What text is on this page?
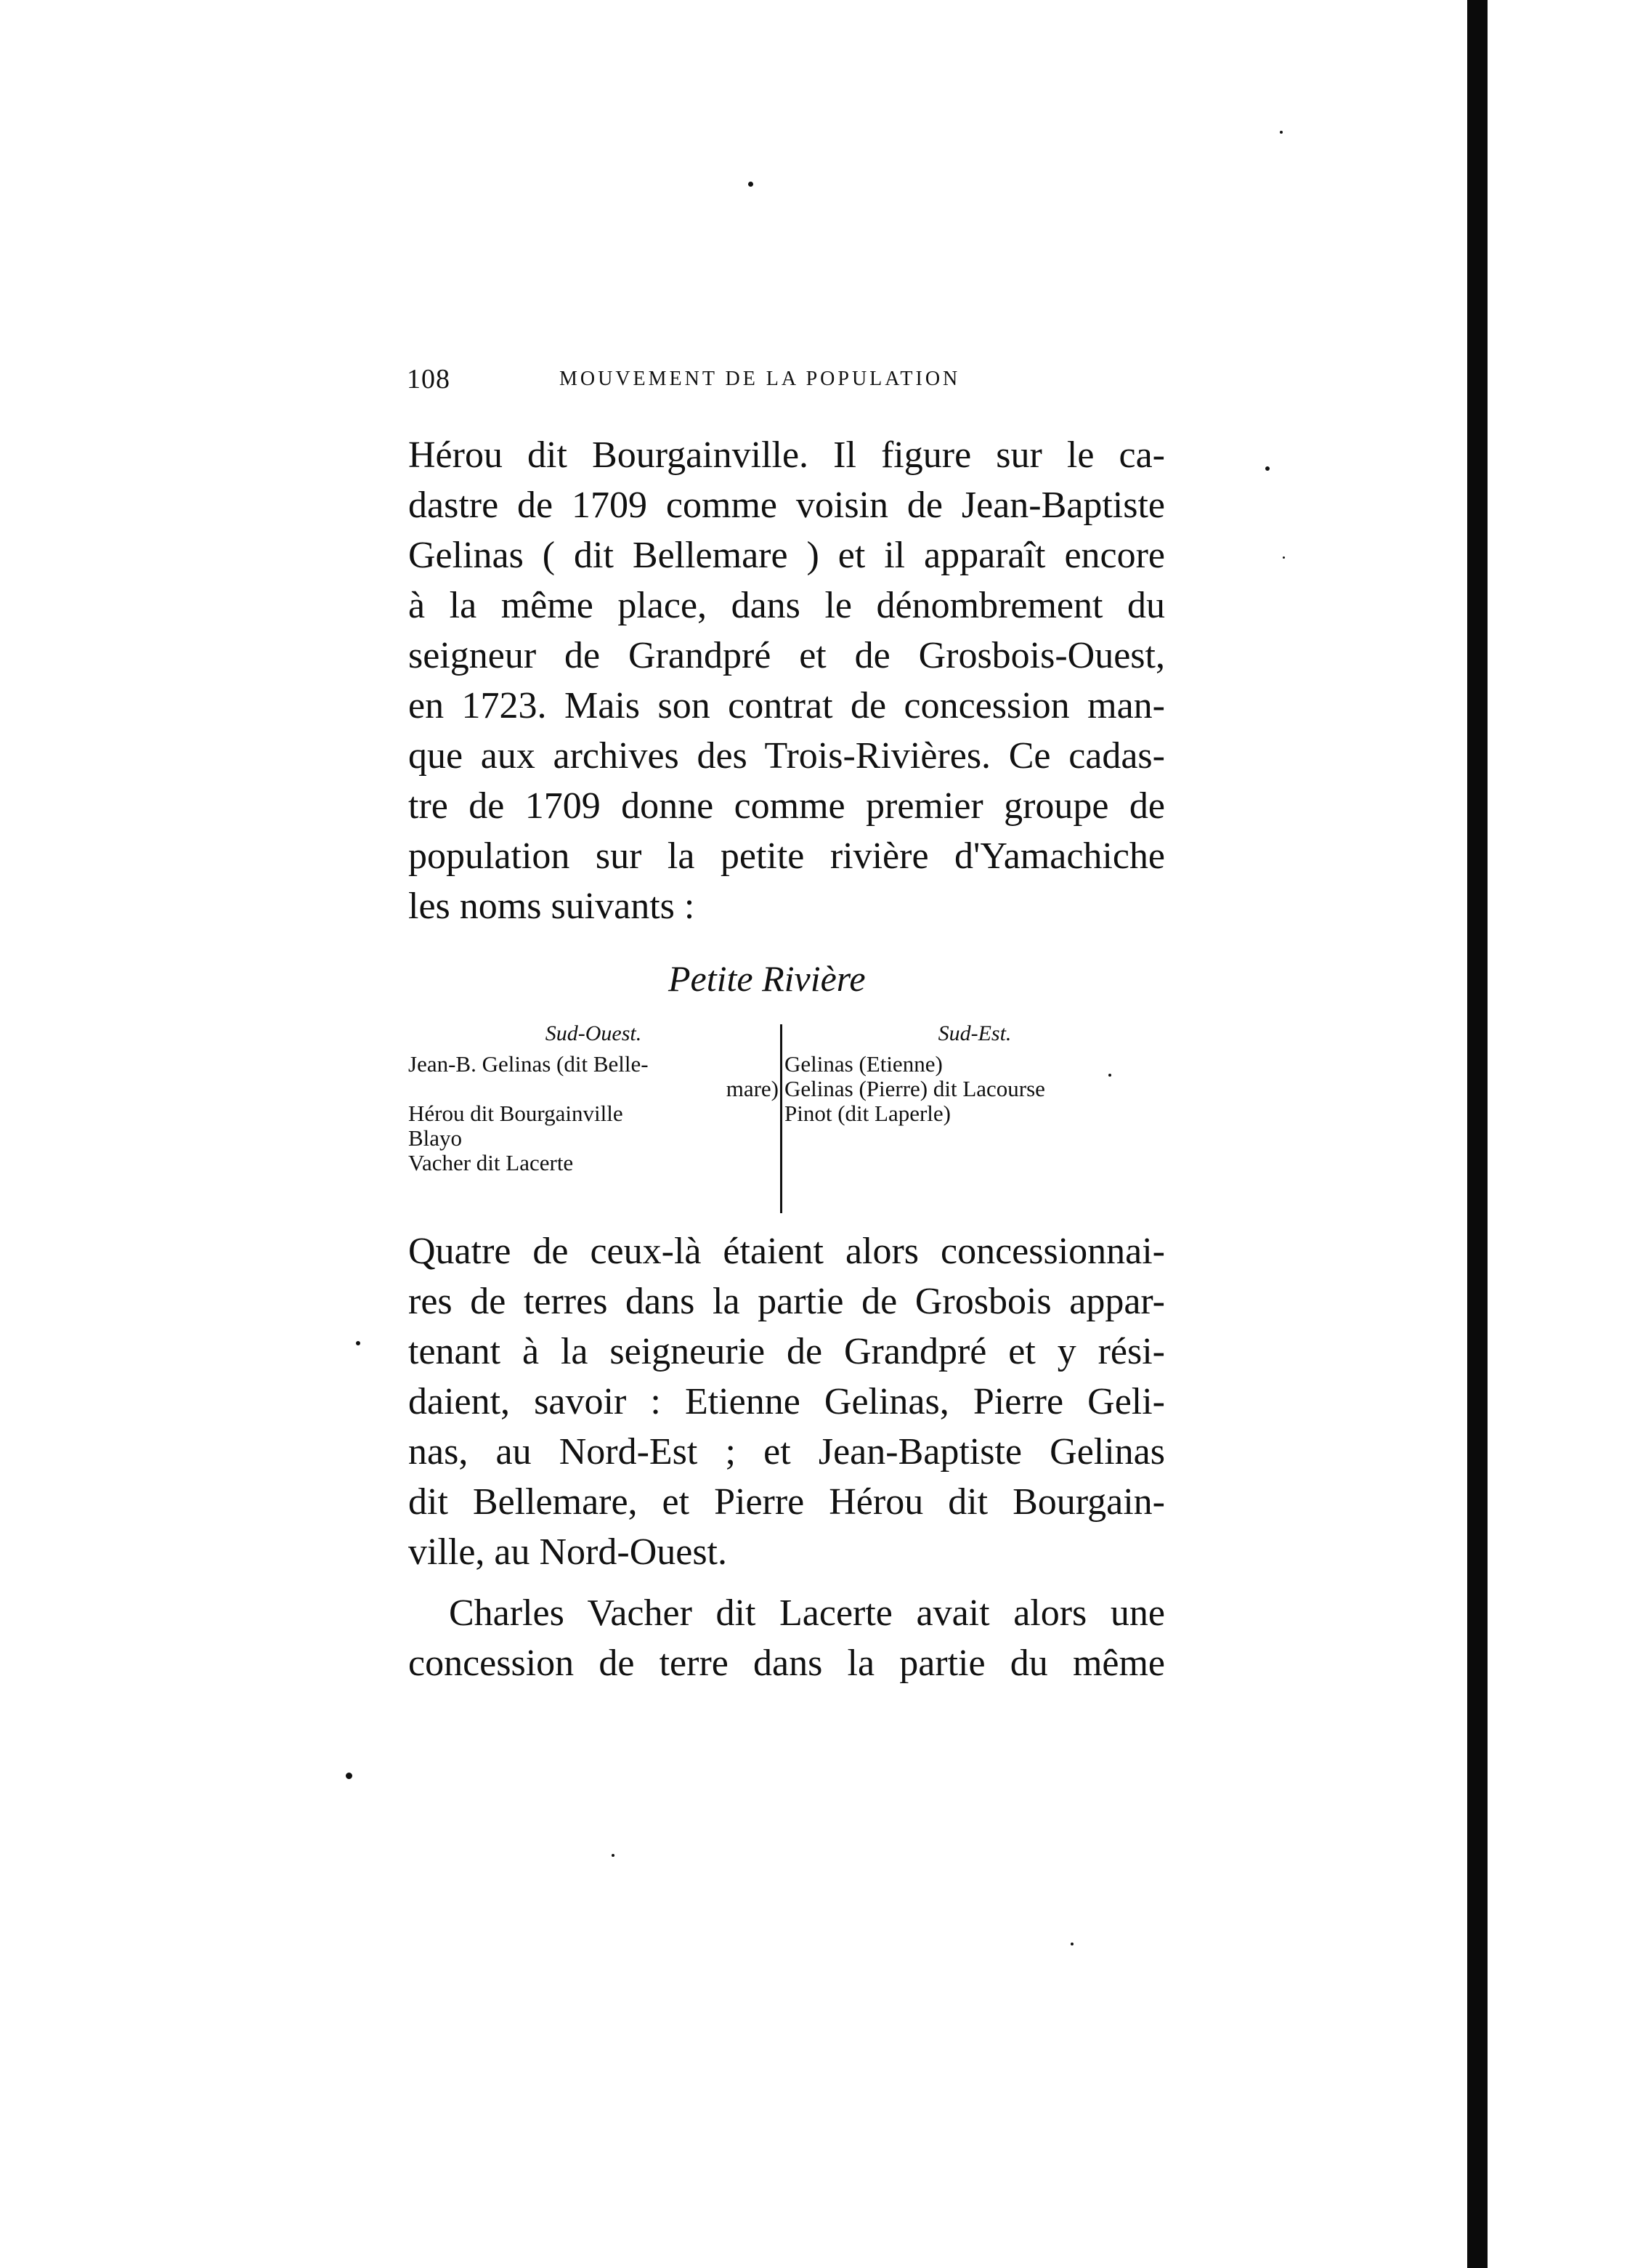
108	MOUVEMENT DE LA POPULATION
Hérou dit Bourgainville. Il figure sur le ca-
dastre de 1709 comme voisin de Jean-Baptiste
Gelinas ( dit Bellemare ) et il apparaît encore
à la même place, dans le dénombrement du
seigneur de Grandpré et de Grosbois-Ouest,
en 1723. Mais son contrat de concession man-
que aux archives des Trois-Rivières. Ce cadas-
tre de 1709 donne comme premier groupe de
population sur la petite rivière d'Yamachiche
les noms suivants :
Petite Rivière
Sud-Ouest.
Jean-B. Gelinas (dit Belle-
mare)
Hérou dit Bourgainville
Blayo
Vacher dit Lacerte
Sud-Est.
Gelinas (Etienne)
Gelinas (Pierre) dit Lacourse
Pinot (dit Laperle)
Quatre de ceux-là étaient alors concessionnai-
res de terres dans la partie de Grosbois appar-
tenant à la seigneurie de Grandpré et y rési-
daient, savoir : Etienne Gelinas, Pierre Geli-
nas, au Nord-Est ; et Jean-Baptiste Gelinas
dit Bellemare, et Pierre Hérou dit Bourgain-
ville, au Nord-Ouest.
Charles Vacher dit Lacerte avait alors une
concession de terre dans la partie du même
